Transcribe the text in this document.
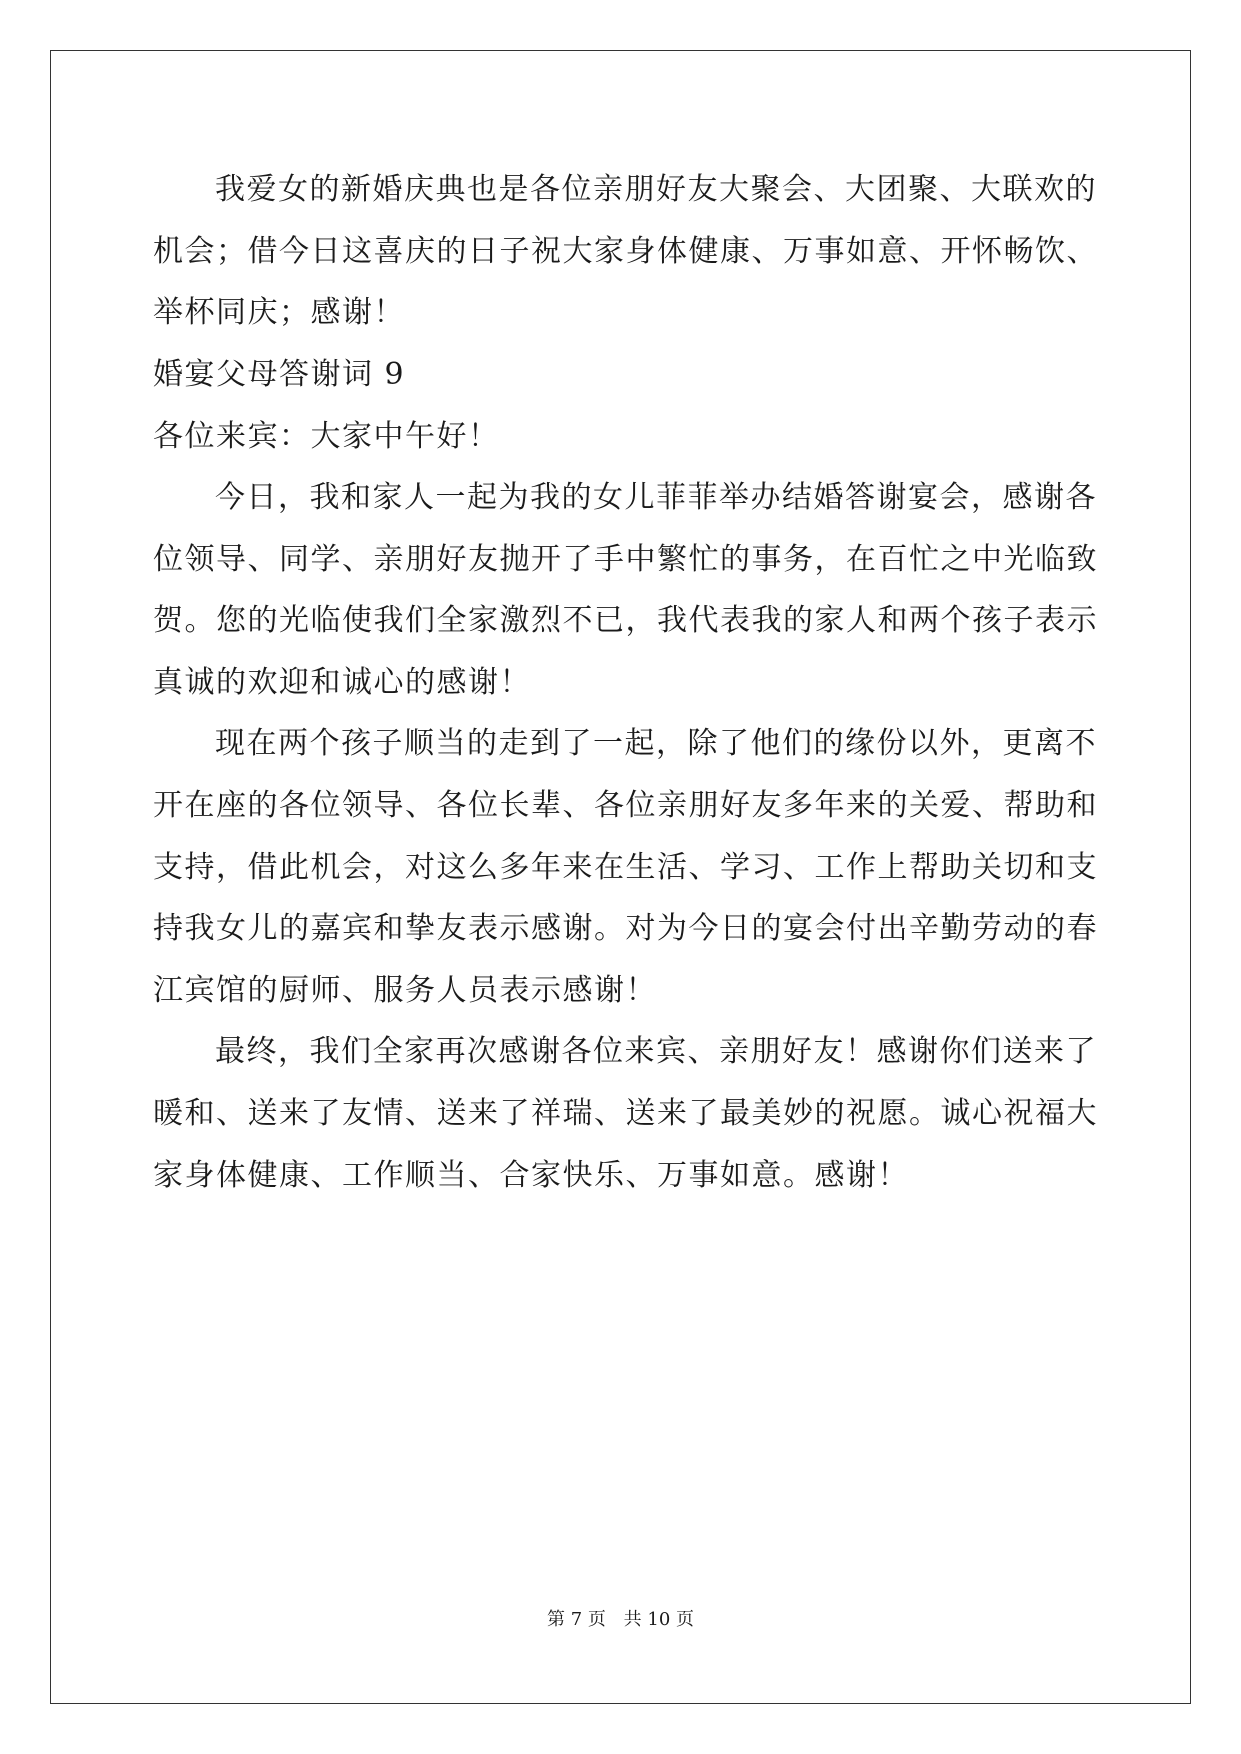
我爱女的新婚庆典也是各位亲朋好友大聚会、大团聚、大联欢的
机会；借今日这喜庆的日子祝大家身体健康、万事如意、开怀畅饮、
举杯同庆；感谢！
婚宴父母答谢词 9
各位来宾：大家中午好！
今日，我和家人一起为我的女儿菲菲举办结婚答谢宴会，感谢各
位领导、同学、亲朋好友抛开了手中繁忙的事务，在百忙之中光临致
贺。您的光临使我们全家激烈不已，我代表我的家人和两个孩子表示
真诚的欢迎和诚心的感谢！
现在两个孩子顺当的走到了一起，除了他们的缘份以外，更离不
开在座的各位领导、各位长辈、各位亲朋好友多年来的关爱、帮助和
支持，借此机会，对这么多年来在生活、学习、工作上帮助关切和支
持我女儿的嘉宾和挚友表示感谢。对为今日的宴会付出辛勤劳动的春
江宾馆的厨师、服务人员表示感谢！
最终，我们全家再次感谢各位来宾、亲朋好友！感谢你们送来了
暖和、送来了友情、送来了祥瑞、送来了最美妙的祝愿。诚心祝福大
家身体健康、工作顺当、合家快乐、万事如意。感谢！
第 7 页 共 10 页
